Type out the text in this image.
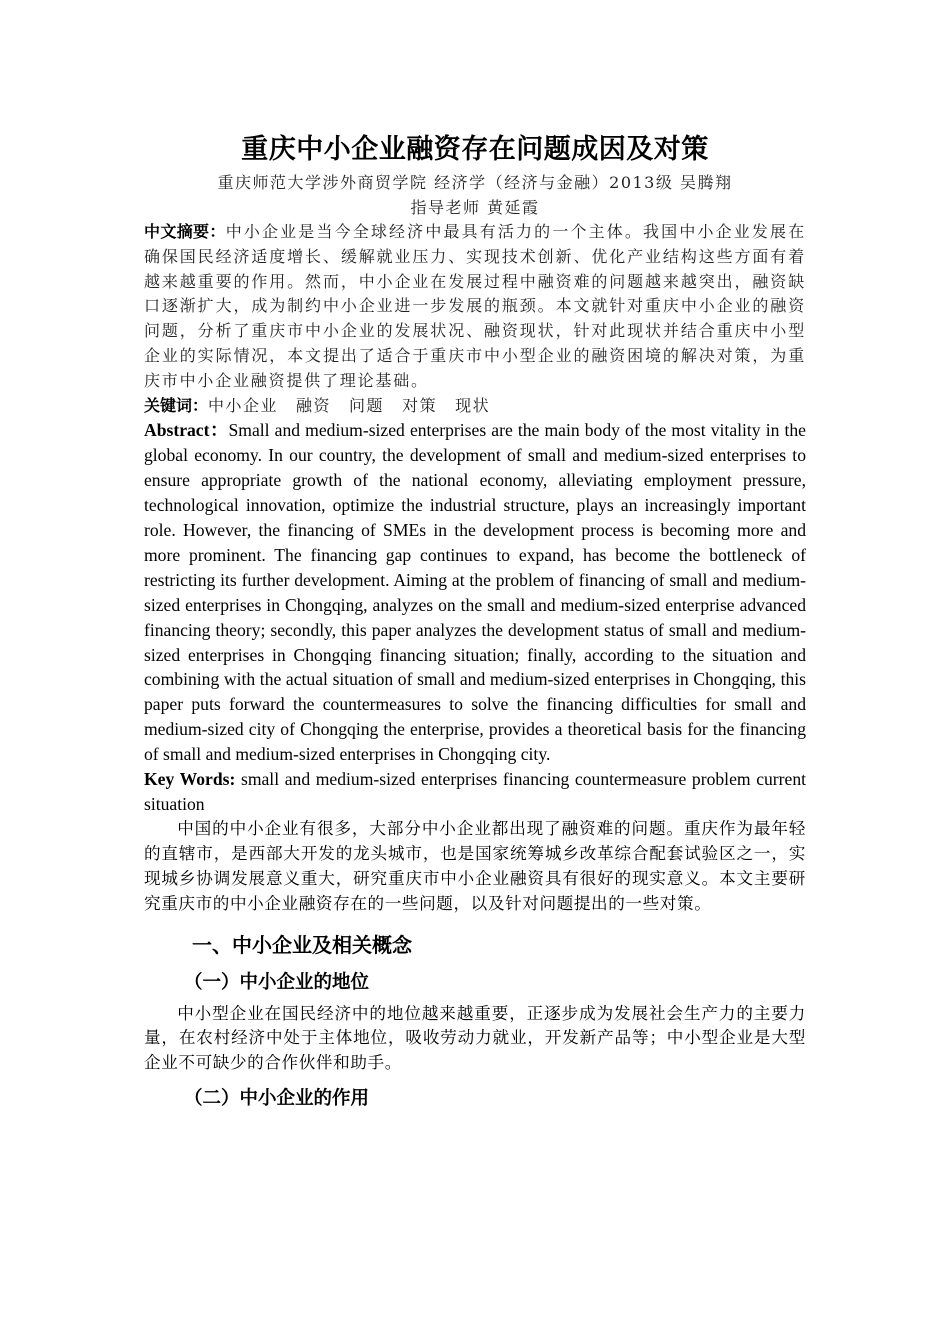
重庆中小企业融资存在问题成因及对策

重庆师范大学涉外商贸学院 经济学（经济与金融）2013级 吴腾翔

指导老师 黄延霞

中文摘要：中小企业是当今全球经济中最具有活力的一个主体。我国中小企业发展在确保国民经济适度增长、缓解就业压力、实现技术创新、优化产业结构这些方面有着越来越重要的作用。然而，中小企业在发展过程中融资难的问题越来越突出，融资缺口逐渐扩大，成为制约中小企业进一步发展的瓶颈。本文就针对重庆中小企业的融资问题，分析了重庆市中小企业的发展状况、融资现状，针对此现状并结合重庆中小型企业的实际情况，本文提出了适合于重庆市中小型企业的融资困境的解决对策，为重庆市中小企业融资提供了理论基础。

关键词：中小企业 融资 问题 对策 现状

Abstract：Small and medium-sized enterprises are the main body of the most vitality in the global economy. In our country, the development of small and medium-sized enterprises to ensure appropriate growth of the national economy, alleviating employment pressure, technological innovation, optimize the industrial structure, plays an increasingly important role. However, the financing of SMEs in the development process is becoming more and more prominent. The financing gap continues to expand, has become the bottleneck of restricting its further development. Aiming at the problem of financing of small and medium-sized enterprises in Chongqing, analyzes on the small and medium-sized enterprise advanced financing theory; secondly, this paper analyzes the development status of small and medium-sized enterprises in Chongqing financing situation; finally, according to the situation and combining with the actual situation of small and medium-sized enterprises in Chongqing, this paper puts forward the countermeasures to solve the financing difficulties for small and medium-sized city of Chongqing the enterprise, provides a theoretical basis for the financing of small and medium-sized enterprises in Chongqing city.

Key Words: small and medium-sized enterprises financing countermeasure problem current situation

中国的中小企业有很多，大部分中小企业都出现了融资难的问题。重庆作为最年轻的直辖市，是西部大开发的龙头城市，也是国家统筹城乡改革综合配套试验区之一，实现城乡协调发展意义重大，研究重庆市中小企业融资具有很好的现实意义。本文主要研究重庆市的中小企业融资存在的一些问题，以及针对问题提出的一些对策。

一、中小企业及相关概念
（一）中小企业的地位

中小型企业在国民经济中的地位越来越重要，正逐步成为发展社会生产力的主要力量，在农村经济中处于主体地位，吸收劳动力就业，开发新产品等；中小型企业是大型企业不可缺少的合作伙伴和助手。

（二）中小企业的作用
